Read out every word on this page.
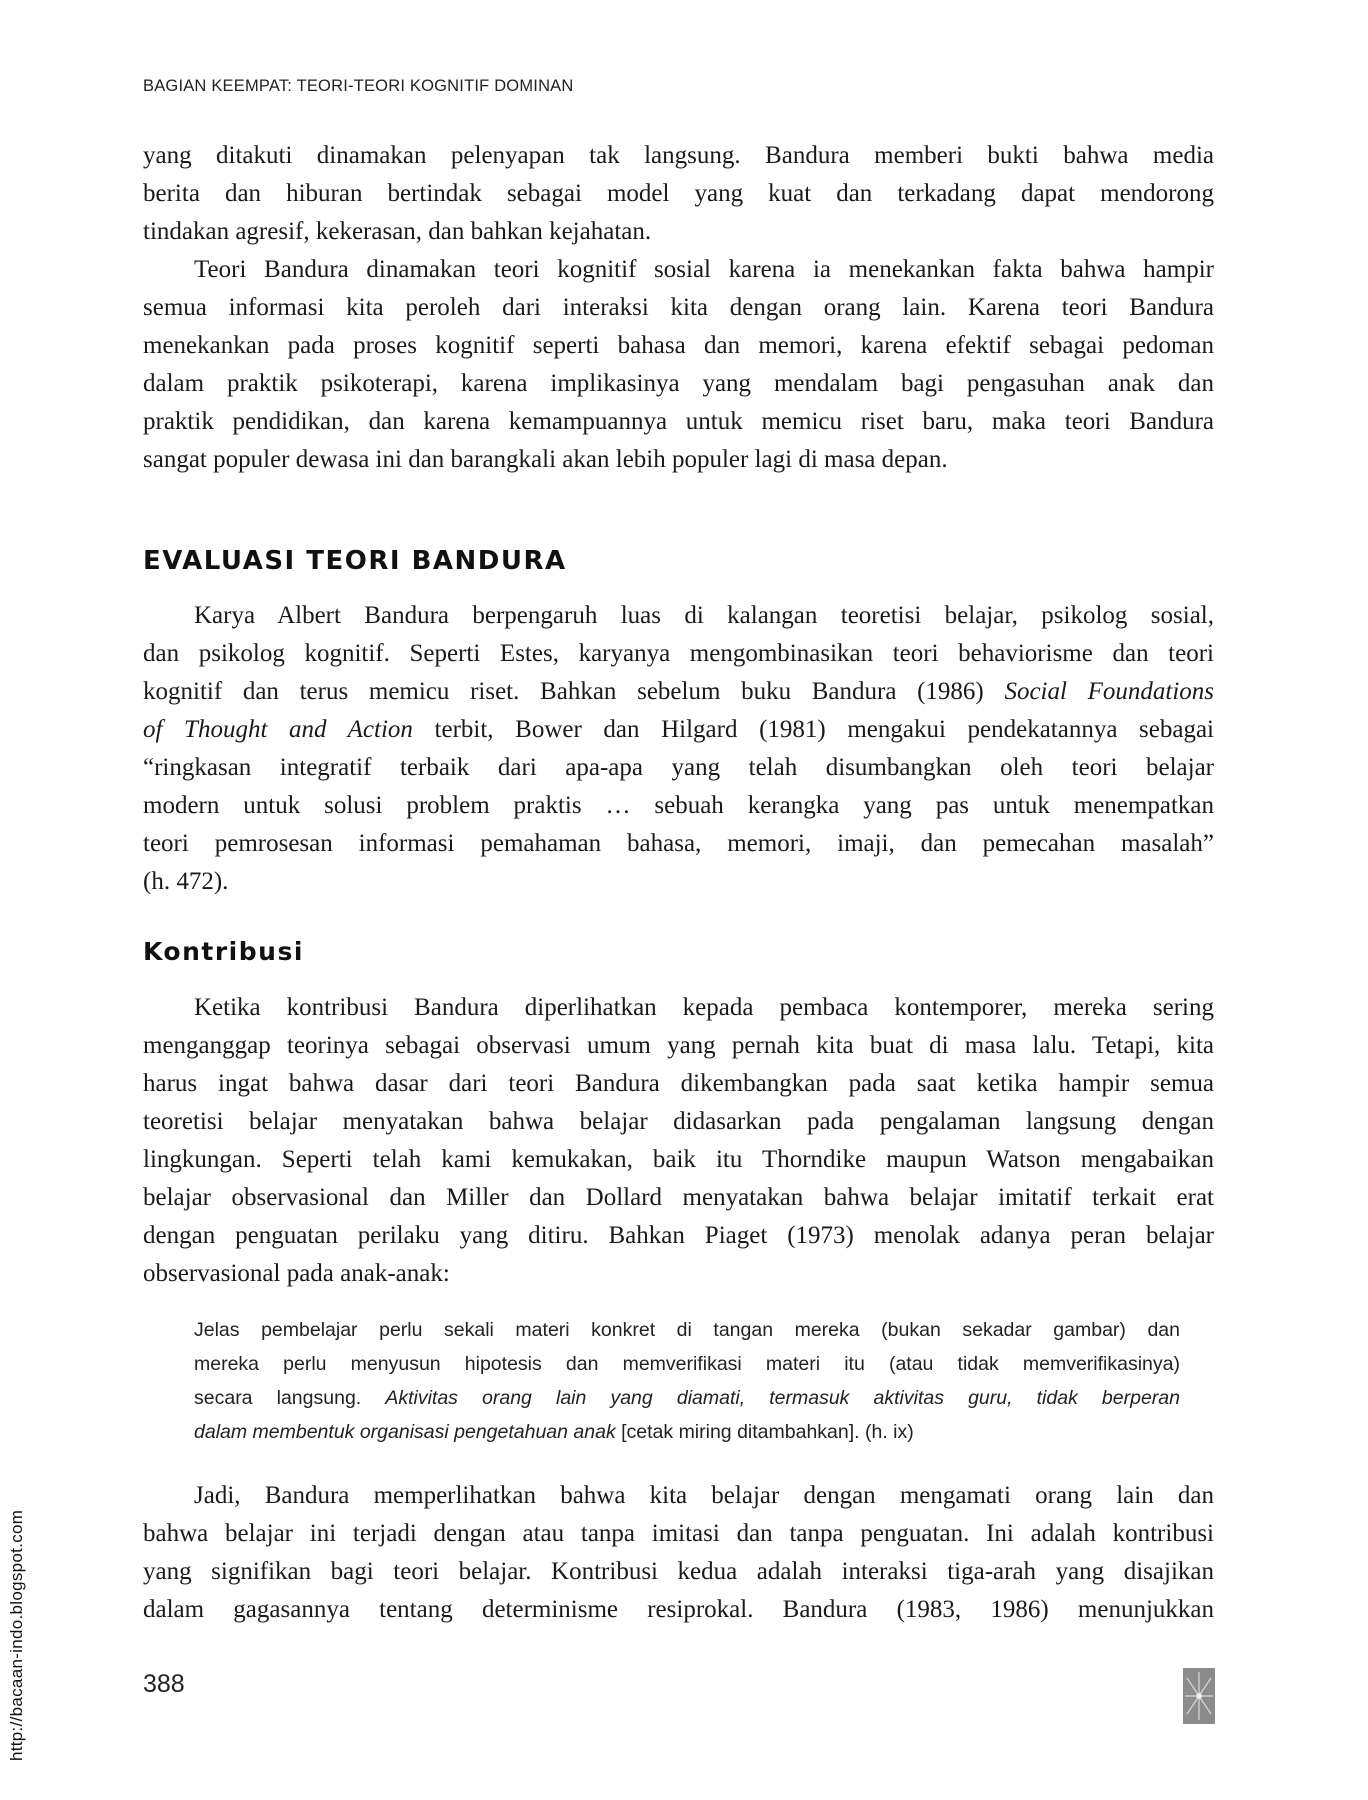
BAGIAN KEEMPAT: TEORI-TEORI KOGNITIF DOMINAN
yang ditakuti dinamakan pelenyapan tak langsung. Bandura memberi bukti bahwa media
berita dan hiburan bertindak sebagai model yang kuat dan terkadang dapat mendorong
tindakan agresif, kekerasan, dan bahkan kejahatan.
Teori Bandura dinamakan teori kognitif sosial karena ia menekankan fakta bahwa hampir
semua informasi kita peroleh dari interaksi kita dengan orang lain. Karena teori Bandura
menekankan pada proses kognitif seperti bahasa dan memori, karena efektif sebagai pedoman
dalam praktik psikoterapi, karena implikasinya yang mendalam bagi pengasuhan anak dan
praktik pendidikan, dan karena kemampuannya untuk memicu riset baru, maka teori Bandura
sangat populer dewasa ini dan barangkali akan lebih populer lagi di masa depan.
EVALUASI TEORI BANDURA
Karya Albert Bandura berpengaruh luas di kalangan teoretisi belajar, psikolog sosial,
dan psikolog kognitif. Seperti Estes, karyanya mengombinasikan teori behaviorisme dan teori
kognitif dan terus memicu riset. Bahkan sebelum buku Bandura (1986) Social Foundations
of Thought and Action terbit, Bower dan Hilgard (1981) mengakui pendekatannya sebagai
“ringkasan integratif terbaik dari apa-apa yang telah disumbangkan oleh teori belajar
modern untuk solusi problem praktis … sebuah kerangka yang pas untuk menempatkan
teori pemrosesan informasi pemahaman bahasa, memori, imaji, dan pemecahan masalah”
(h. 472).
Kontribusi
Ketika kontribusi Bandura diperlihatkan kepada pembaca kontemporer, mereka sering
menganggap teorinya sebagai observasi umum yang pernah kita buat di masa lalu. Tetapi, kita
harus ingat bahwa dasar dari teori Bandura dikembangkan pada saat ketika hampir semua
teoretisi belajar menyatakan bahwa belajar didasarkan pada pengalaman langsung dengan
lingkungan. Seperti telah kami kemukakan, baik itu Thorndike maupun Watson mengabaikan
belajar observasional dan Miller dan Dollard menyatakan bahwa belajar imitatif terkait erat
dengan penguatan perilaku yang ditiru. Bahkan Piaget (1973) menolak adanya peran belajar
observasional pada anak-anak:
Jelas pembelajar perlu sekali materi konkret di tangan mereka (bukan sekadar gambar) dan
mereka perlu menyusun hipotesis dan memverifikasi materi itu (atau tidak memverifikasinya)
secara langsung. Aktivitas orang lain yang diamati, termasuk aktivitas guru, tidak berperan
dalam membentuk organisasi pengetahuan anak [cetak miring ditambahkan]. (h. ix)
Jadi, Bandura memperlihatkan bahwa kita belajar dengan mengamati orang lain dan
bahwa belajar ini terjadi dengan atau tanpa imitasi dan tanpa penguatan. Ini adalah kontribusi
yang signifikan bagi teori belajar. Kontribusi kedua adalah interaksi tiga-arah yang disajikan
dalam gagasannya tentang determinisme resiprokal. Bandura (1983, 1986) menunjukkan
388
http://bacaan-indo.blogspot.com
